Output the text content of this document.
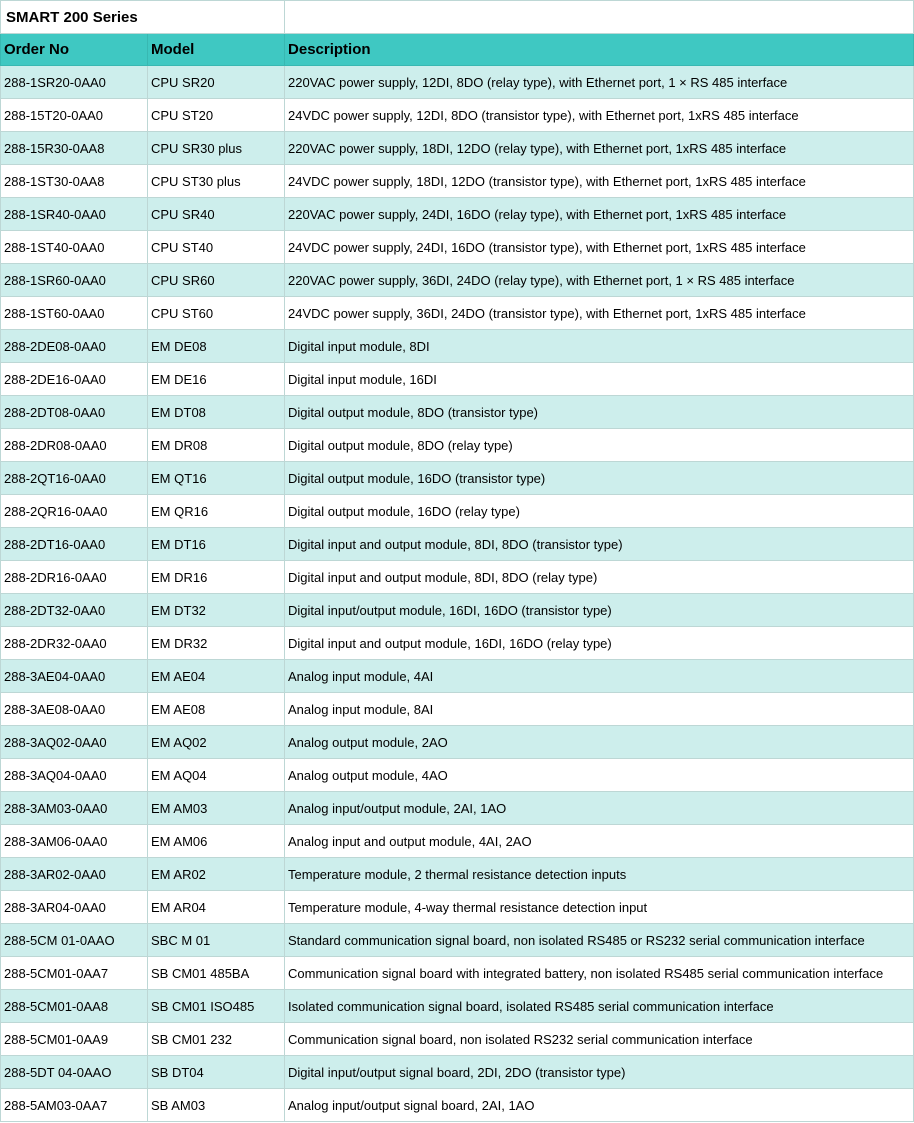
SMART 200 Series		
Order No	Model	Description
288-1SR20-0AA0	CPU SR20	220VAC power supply, 12DI, 8DO (relay type), with Ethernet port, 1 × RS 485 interface
288-15T20-0AA0	CPU ST20	24VDC power supply, 12DI, 8DO (transistor type), with Ethernet port, 1xRS 485 interface
288-15R30-0AA8	CPU SR30 plus	220VAC power supply, 18DI, 12DO (relay type), with Ethernet port, 1xRS 485 interface
288-1ST30-0AA8	CPU ST30 plus	24VDC power supply, 18DI, 12DO (transistor type), with Ethernet port, 1xRS 485 interface
288-1SR40-0AA0	CPU SR40	220VAC power supply, 24DI, 16DO (relay type), with Ethernet port, 1xRS 485 interface
288-1ST40-0AA0	CPU ST40	24VDC power supply, 24DI, 16DO (transistor type), with Ethernet port, 1xRS 485 interface
288-1SR60-0AA0	CPU SR60	220VAC power supply, 36DI, 24DO (relay type), with Ethernet port, 1 × RS 485 interface
288-1ST60-0AA0	CPU ST60	24VDC power supply, 36DI, 24DO (transistor type), with Ethernet port, 1xRS 485 interface
288-2DE08-0AA0	EM DE08	Digital input module, 8DI
288-2DE16-0AA0	EM DE16	Digital input module, 16DI
288-2DT08-0AA0	EM DT08	Digital output module, 8DO (transistor type)
288-2DR08-0AA0	EM DR08	Digital output module, 8DO (relay type)
288-2QT16-0AA0	EM QT16	Digital output module, 16DO (transistor type)
288-2QR16-0AA0	EM QR16	Digital output module, 16DO (relay type)
288-2DT16-0AA0	EM DT16	Digital input and output module, 8DI, 8DO (transistor type)
288-2DR16-0AA0	EM DR16	Digital input and output module, 8DI, 8DO (relay type)
288-2DT32-0AA0	EM DT32	Digital input/output module, 16DI, 16DO (transistor type)
288-2DR32-0AA0	EM DR32	Digital input and output module, 16DI, 16DO (relay type)
288-3AE04-0AA0	EM AE04	Analog input module, 4AI
288-3AE08-0AA0	EM AE08	Analog input module, 8AI
288-3AQ02-0AA0	EM AQ02	Analog output module, 2AO
288-3AQ04-0AA0	EM AQ04	Analog output module, 4AO
288-3AM03-0AA0	EM AM03	Analog input/output module, 2AI, 1AO
288-3AM06-0AA0	EM AM06	Analog input and output module, 4AI, 2AO
288-3AR02-0AA0	EM AR02	Temperature module, 2 thermal resistance detection inputs
288-3AR04-0AA0	EM AR04	Temperature module, 4-way thermal resistance detection input
288-5CM 01-0AAO	SBC M 01	Standard communication signal board, non isolated RS485 or RS232 serial communication interface
288-5CM01-0AA7	SB CM01 485BA	Communication signal board with integrated battery, non isolated RS485 serial communication interface
288-5CM01-0AA8	SB CM01 ISO485	Isolated communication signal board, isolated RS485 serial communication interface
288-5CM01-0AA9	SB CM01 232	Communication signal board, non isolated RS232 serial communication interface
288-5DT 04-0AAO	SB DT04	Digital input/output signal board, 2DI, 2DO (transistor type)
288-5AM03-0AA7	SB AM03	Analog input/output signal board, 2AI, 1AO
